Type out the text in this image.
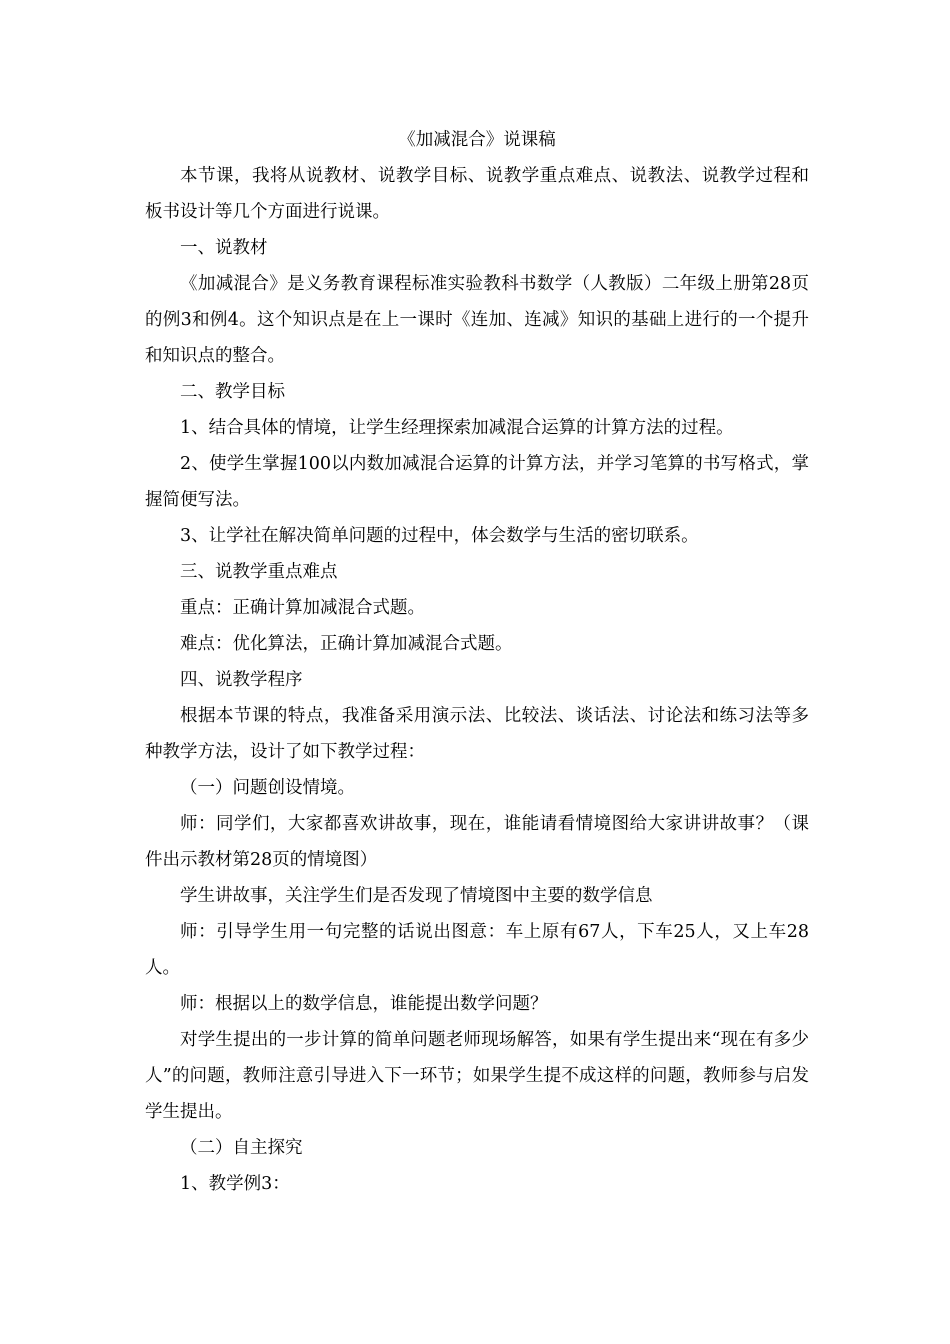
《加减混合》说课稿

本节课，我将从说教材、说教学目标、说教学重点难点、说教法、说教学过程和板书设计等几个方面进行说课。

一、说教材

《加减混合》是义务教育课程标准实验教科书数学（人教版）二年级上册第28页的例3和例4。这个知识点是在上一课时《连加、连减》知识的基础上进行的一个提升和知识点的整合。

二、教学目标

1、结合具体的情境，让学生经理探索加减混合运算的计算方法的过程。

2、使学生掌握100以内数加减混合运算的计算方法，并学习笔算的书写格式，掌握简便写法。

3、让学社在解决简单问题的过程中，体会数学与生活的密切联系。

三、说教学重点难点

重点：正确计算加减混合式题。

难点：优化算法，正确计算加减混合式题。

四、说教学程序

根据本节课的特点，我准备采用演示法、比较法、谈话法、讨论法和练习法等多种教学方法，设计了如下教学过程：

（一）问题创设情境。

师：同学们，大家都喜欢讲故事，现在，谁能请看情境图给大家讲讲故事？（课件出示教材第28页的情境图）

学生讲故事，关注学生们是否发现了情境图中主要的数学信息

师：引导学生用一句完整的话说出图意：车上原有67人，下车25人，又上车28人。

师：根据以上的数学信息，谁能提出数学问题？

对学生提出的一步计算的简单问题老师现场解答，如果有学生提出来“现在有多少人”的问题，教师注意引导进入下一环节；如果学生提不成这样的问题，教师参与启发学生提出。

（二）自主探究

1、教学例3：
